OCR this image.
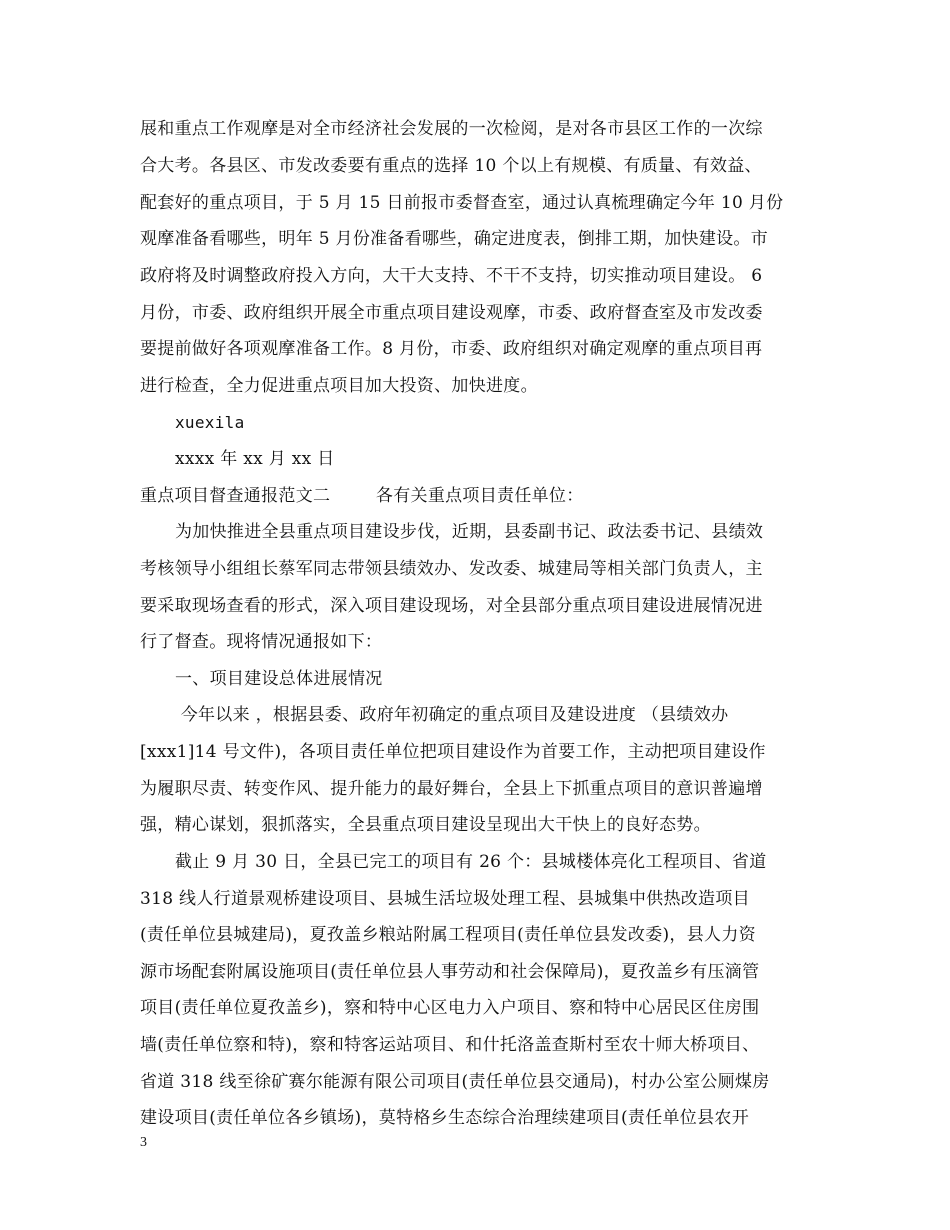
展和重点工作观摩是对全市经济社会发展的一次检阅，是对各市县区工作的一次综
合大考。各县区、市发改委要有重点的选择 10 个以上有规模、有质量、有效益、
配套好的重点项目，于 5 月 15 日前报市委督查室，通过认真梳理确定今年 10 月份
观摩准备看哪些，明年 5 月份准备看哪些，确定进度表，倒排工期，加快建设。市
政府将及时调整政府投入方向，大干大支持、不干不支持，切实推动项目建设。 6
月份，市委、政府组织开展全市重点项目建设观摩，市委、政府督查室及市发改委
要提前做好各项观摩准备工作。8 月份，市委、政府组织对确定观摩的重点项目再
进行检查，全力促进重点项目加大投资、加快进度。
xuexila
xxxx 年 xx 月 xx 日
重点项目督查通报范文二        各有关重点项目责任单位：
为加快推进全县重点项目建设步伐，近期，县委副书记、政法委书记、县绩效
考核领导小组组长蔡军同志带领县绩效办、发改委、城建局等相关部门负责人，主
要采取现场查看的形式，深入项目建设现场，对全县部分重点项目建设进展情况进
行了督查。现将情况通报如下：
一、项目建设总体进展情况
今年以来 ，根据县委、政府年初确定的重点项目及建设进度 （县绩效办
[xxx1]14 号文件)，各项目责任单位把项目建设作为首要工作，主动把项目建设作
为履职尽责、转变作风、提升能力的最好舞台，全县上下抓重点项目的意识普遍增
强，精心谋划，狠抓落实，全县重点项目建设呈现出大干快上的良好态势。
截止 9 月 30 日，全县已完工的项目有 26 个：县城楼体亮化工程项目、省道
318 线人行道景观桥建设项目、县城生活垃圾处理工程、县城集中供热改造项目
(责任单位县城建局)，夏孜盖乡粮站附属工程项目(责任单位县发改委)，县人力资
源市场配套附属设施项目(责任单位县人事劳动和社会保障局)，夏孜盖乡有压滴管
项目(责任单位夏孜盖乡)，察和特中心区电力入户项目、察和特中心居民区住房围
墙(责任单位察和特)，察和特客运站项目、和什托洛盖查斯村至农十师大桥项目、
省道 318 线至徐矿赛尔能源有限公司项目(责任单位县交通局)，村办公室公厕煤房
建设项目(责任单位各乡镇场)，莫特格乡生态综合治理续建项目(责任单位县农开
3
